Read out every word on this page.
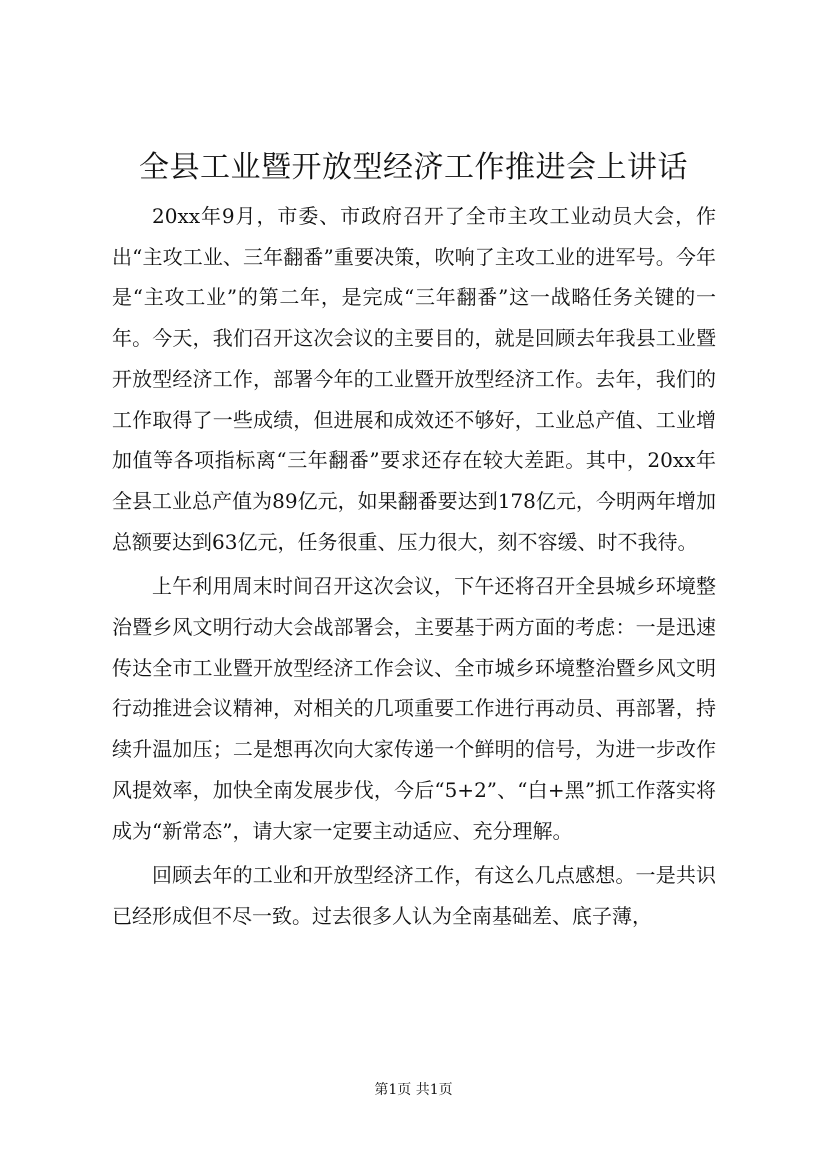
全县工业暨开放型经济工作推进会上讲话

20xx年9月，市委、市政府召开了全市主攻工业动员大会，作出“主攻工业、三年翻番”重要决策，吹响了主攻工业的进军号。今年是“主攻工业”的第二年，是完成“三年翻番”这一战略任务关键的一年。今天，我们召开这次会议的主要目的，就是回顾去年我县工业暨开放型经济工作，部署今年的工业暨开放型经济工作。去年，我们的工作取得了一些成绩，但进展和成效还不够好，工业总产值、工业增加值等各项指标离“三年翻番”要求还存在较大差距。其中，20xx年全县工业总产值为89亿元，如果翻番要达到178亿元，今明两年增加总额要达到63亿元，任务很重、压力很大，刻不容缓、时不我待。

上午利用周末时间召开这次会议，下午还将召开全县城乡环境整治暨乡风文明行动大会战部署会，主要基于两方面的考虑：一是迅速传达全市工业暨开放型经济工作会议、全市城乡环境整治暨乡风文明行动推进会议精神，对相关的几项重要工作进行再动员、再部署，持续升温加压；二是想再次向大家传递一个鲜明的信号，为进一步改作风提效率，加快全南发展步伐，今后“5+2”、“白+黑”抓工作落实将成为“新常态”，请大家一定要主动适应、充分理解。

回顾去年的工业和开放型经济工作，有这么几点感想。一是共识已经形成但不尽一致。过去很多人认为全南基础差、底子薄，

第1页 共1页
